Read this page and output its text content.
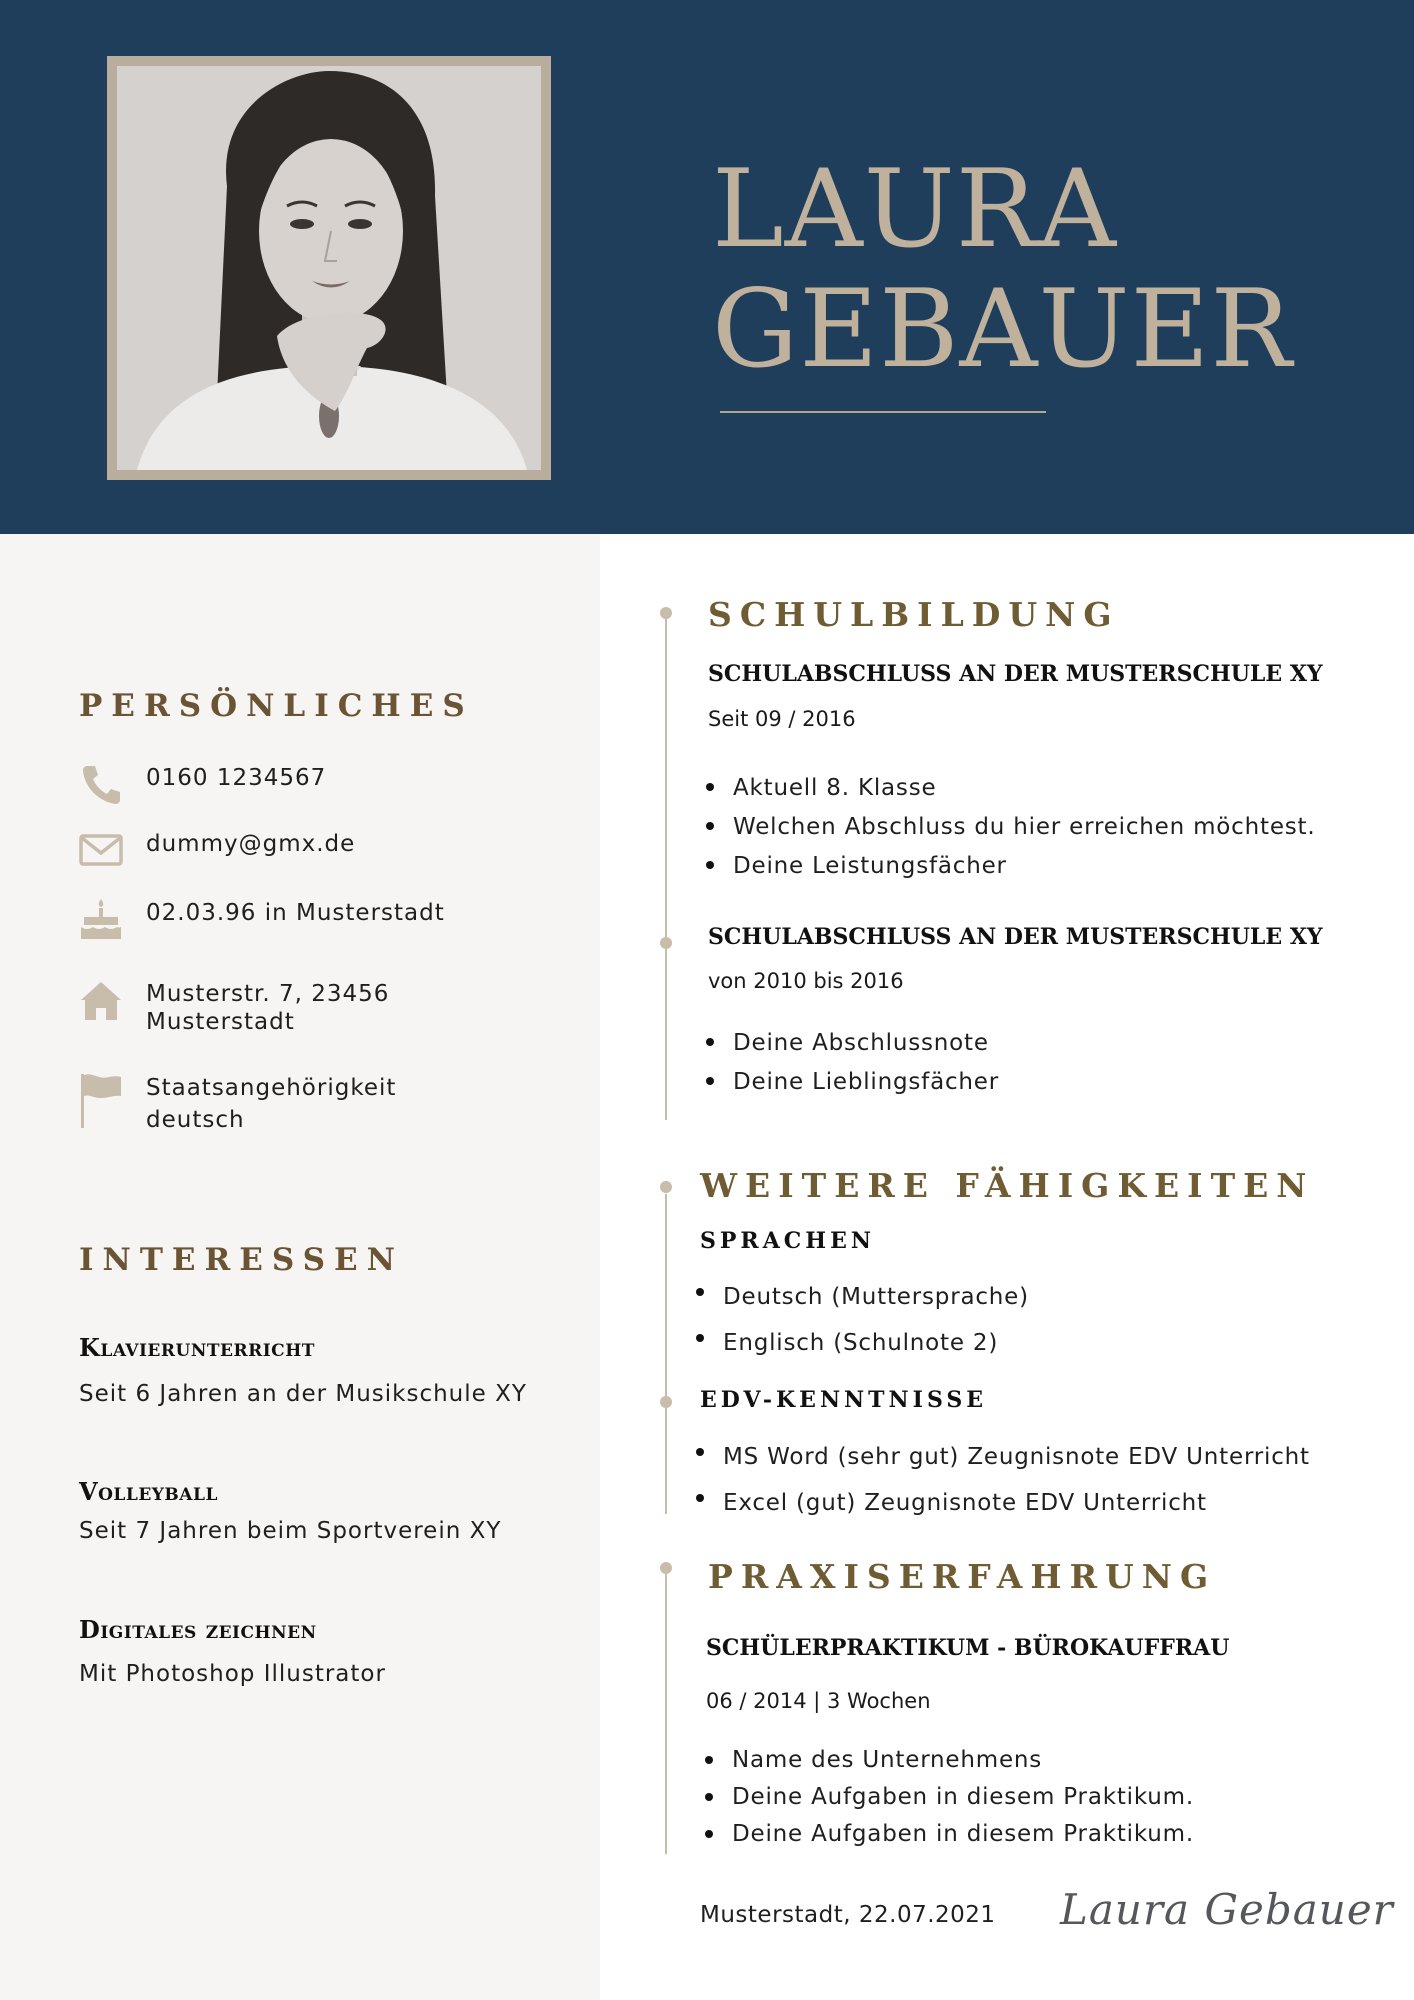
LAURA
GEBAUER
PERSÖNLICHES
0160 1234567
dummy@gmx.de
02.03.96 in Musterstadt
Musterstr. 7, 23456
Musterstadt
Staatsangehörigkeit
deutsch
INTERESSEN
Klavierunterricht
Seit 6 Jahren an der Musikschule XY
Volleyball
Seit 7 Jahren beim Sportverein XY
Digitales zeichnen
Mit Photoshop Illustrator
SCHULBILDUNG
SCHULABSCHLUSS AN DER MUSTERSCHULE XY
Seit 09 / 2016
Aktuell 8. Klasse
Welchen Abschluss du hier erreichen möchtest.
Deine Leistungsfächer
SCHULABSCHLUSS AN DER MUSTERSCHULE XY
von 2010 bis 2016
Deine Abschlussnote
Deine Lieblingsfächer
WEITERE FÄHIGKEITEN
SPRACHEN
Deutsch (Muttersprache)
Englisch (Schulnote 2)
EDV-KENNTNISSE
MS Word (sehr gut) Zeugnisnote EDV Unterricht
Excel (gut) Zeugnisnote EDV Unterricht
PRAXISERFAHRUNG
SCHÜLERPRAKTIKUM - BÜROKAUFFRAU
06 / 2014 | 3 Wochen
Name des Unternehmens
Deine Aufgaben in diesem Praktikum.
Deine Aufgaben in diesem Praktikum.
Musterstadt, 22.07.2021 Laura Gebauer
